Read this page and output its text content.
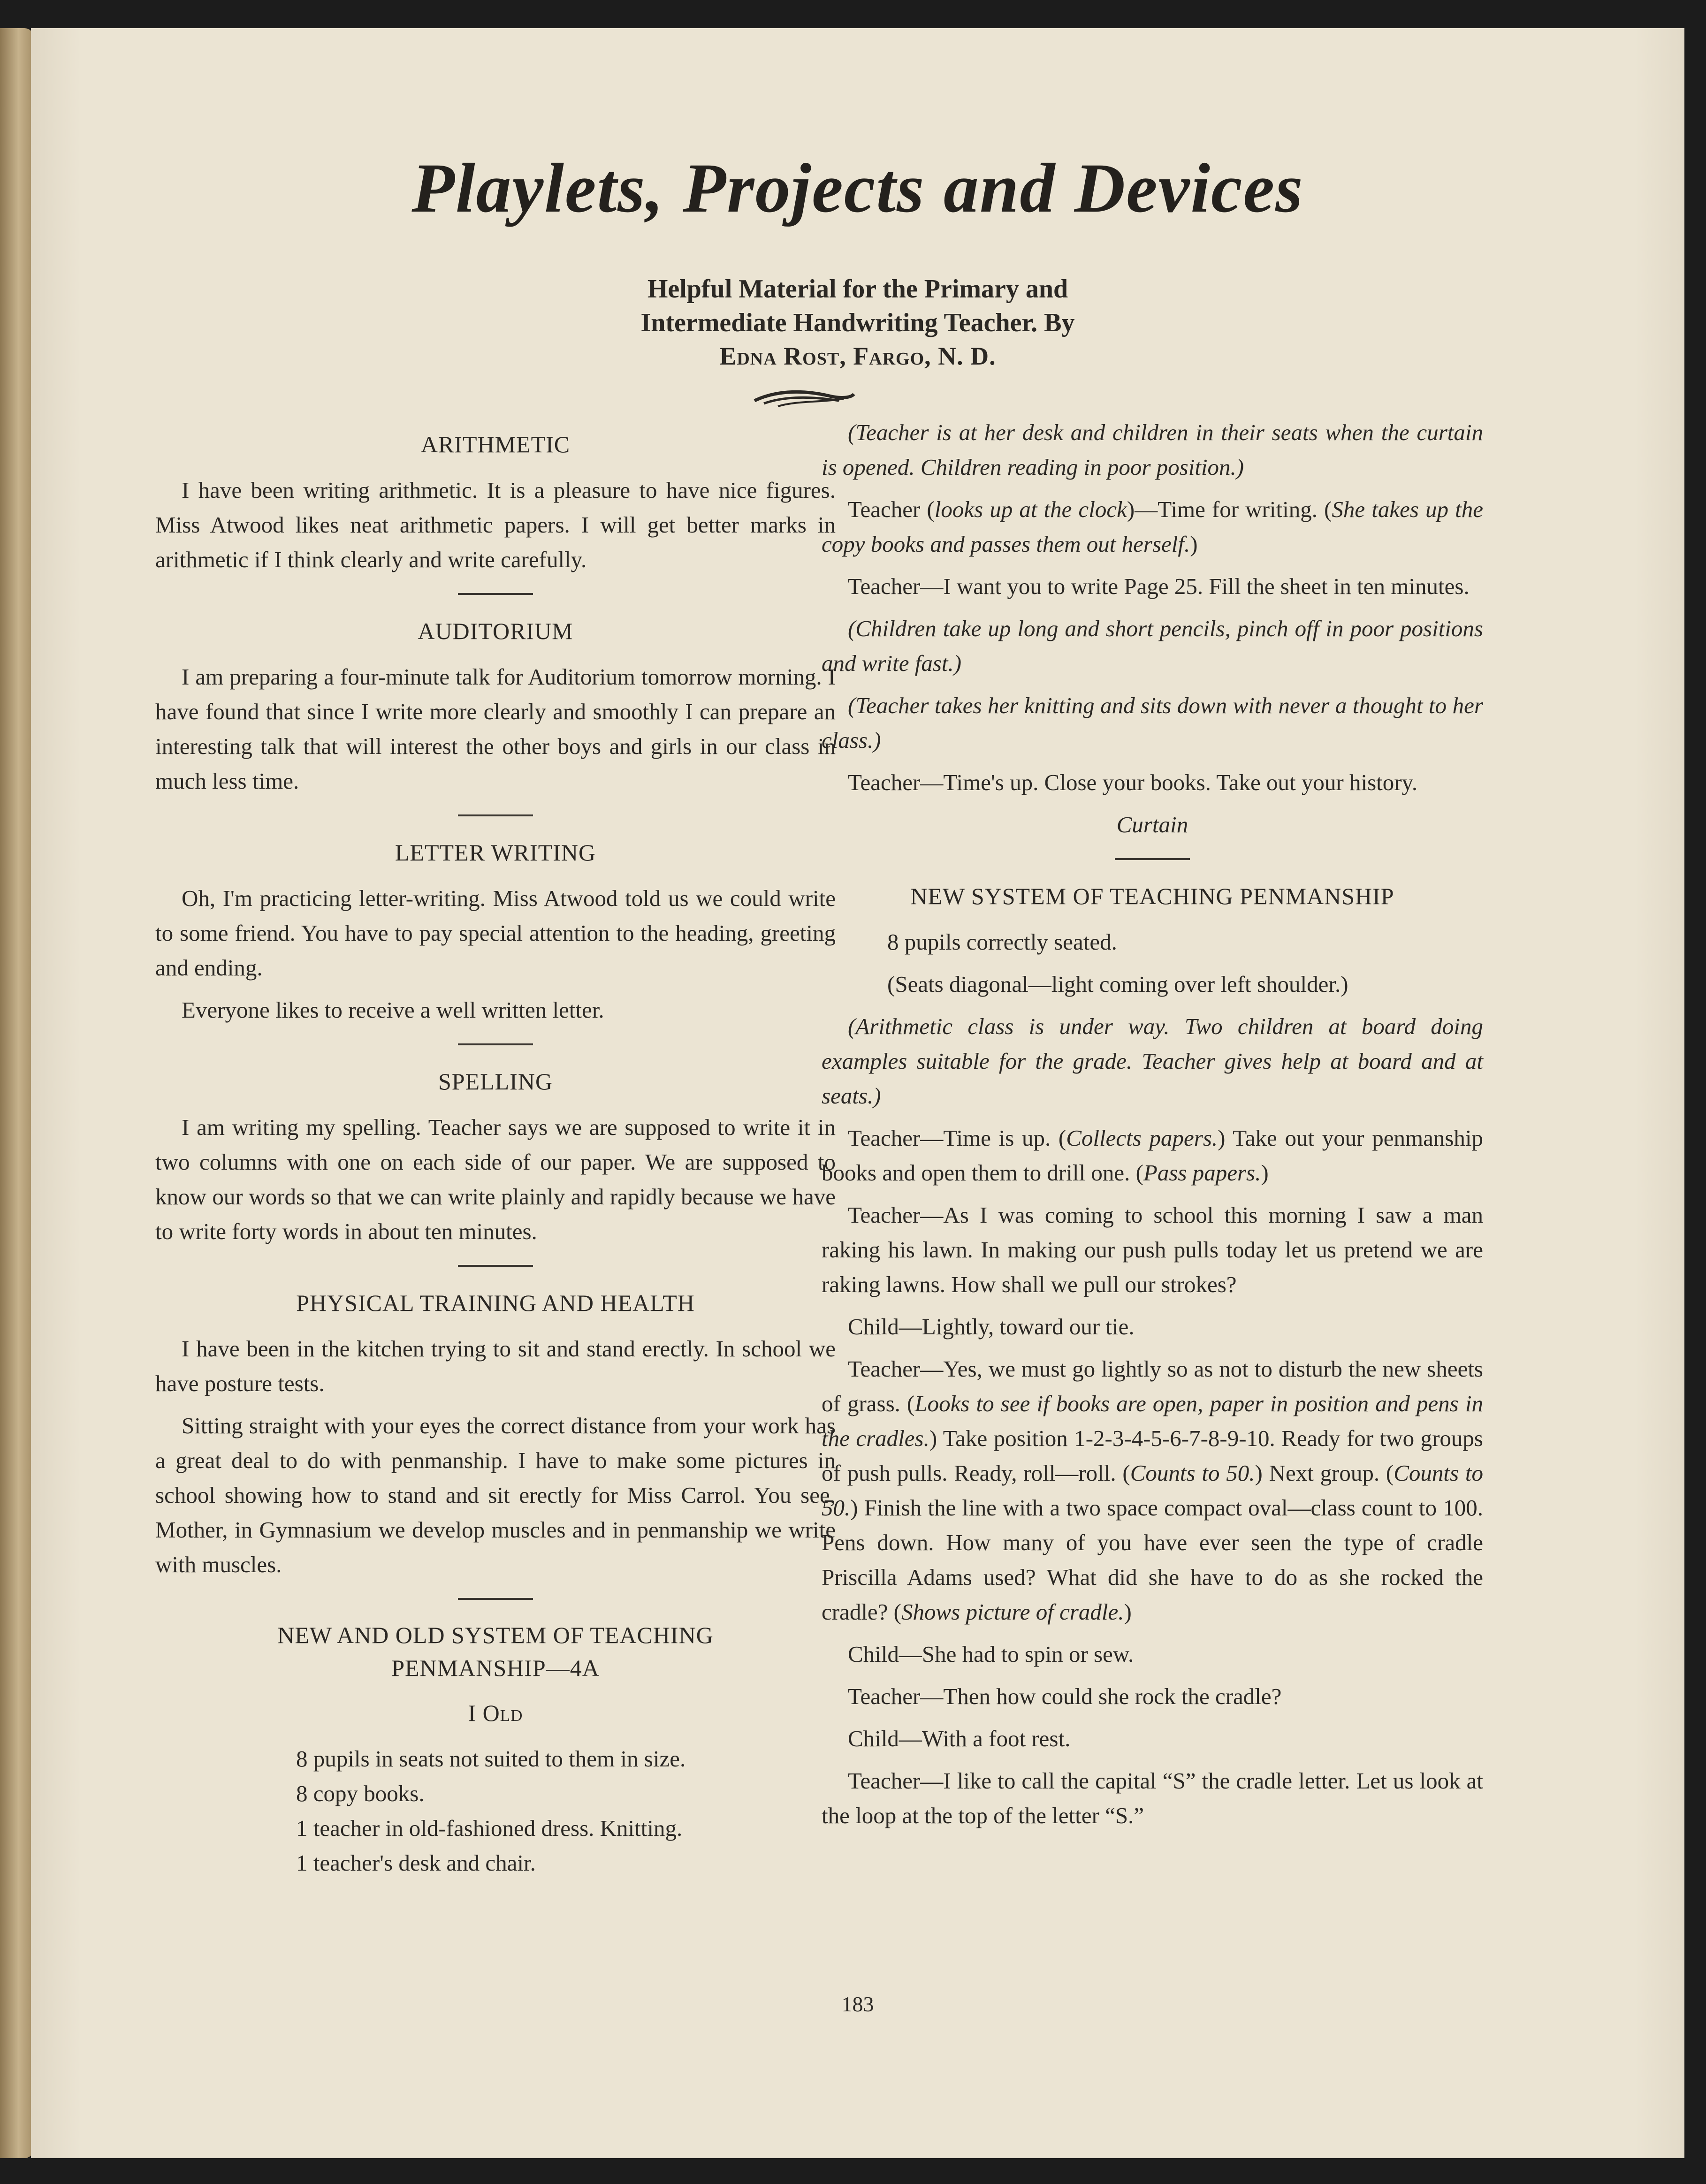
Playlets, Projects and Devices
Helpful Material for the Primary and
Intermediate Handwriting Teacher. By
Edna Rost, Fargo, N. D.
ARITHMETIC

I have been writing arithmetic. It is a pleasure to have nice figures. Miss Atwood likes neat arithmetic papers. I will get better marks in arithmetic if I think clearly and write carefully.

AUDITORIUM

I am preparing a four-minute talk for Auditorium tomorrow morning. I have found that since I write more clearly and smoothly I can prepare an interesting talk that will interest the other boys and girls in our class in much less time.

LETTER WRITING

Oh, I'm practicing letter-writing. Miss Atwood told us we could write to some friend. You have to pay special attention to the heading, greeting and ending.

Everyone likes to receive a well written letter.

SPELLING

I am writing my spelling. Teacher says we are supposed to write it in two columns with one on each side of our paper. We are supposed to know our words so that we can write plainly and rapidly because we have to write forty words in about ten minutes.

PHYSICAL TRAINING AND HEALTH

I have been in the kitchen trying to sit and stand erectly. In school we have posture tests.

Sitting straight with your eyes the correct distance from your work has a great deal to do with penmanship. I have to make some pictures in school showing how to stand and sit erectly for Miss Carrol. You see, Mother, in Gymnasium we develop muscles and in penmanship we write with muscles.

NEW AND OLD SYSTEM OF TEACHING
PENMANSHIP—4A
I Old
8 pupils in seats not suited to them in size.
8 copy books.
1 teacher in old-fashioned dress. Knitting.
1 teacher's desk and chair.

(Teacher is at her desk and children in their seats when the curtain is opened. Children reading in poor position.)

Teacher (looks up at the clock)—Time for writing. (She takes up the copy books and passes them out herself.)

Teacher—I want you to write Page 25. Fill the sheet in ten minutes.

(Children take up long and short pencils, pinch off in poor positions and write fast.)

(Teacher takes her knitting and sits down with never a thought to her class.)

Teacher—Time's up. Close your books. Take out your history.

Curtain
NEW SYSTEM OF TEACHING PENMANSHIP

8 pupils correctly seated.

(Seats diagonal—light coming over left shoulder.)

(Arithmetic class is under way. Two children at board doing examples suitable for the grade. Teacher gives help at board and at seats.)

Teacher—Time is up. (Collects papers.) Take out your penmanship books and open them to drill one. (Pass papers.)

Teacher—As I was coming to school this morning I saw a man raking his lawn. In making our push pulls today let us pretend we are raking lawns. How shall we pull our strokes?

Child—Lightly, toward our tie.

Teacher—Yes, we must go lightly so as not to disturb the new sheets of grass. (Looks to see if books are open, paper in position and pens in the cradles.) Take position 1-2-3-4-5-6-7-8-9-10. Ready for two groups of push pulls. Ready, roll—roll. (Counts to 50.) Next group. (Counts to 50.) Finish the line with a two space compact oval—class count to 100. Pens down. How many of you have ever seen the type of cradle Priscilla Adams used? What did she have to do as she rocked the cradle? (Shows picture of cradle.)

Child—She had to spin or sew.

Teacher—Then how could she rock the cradle?

Child—With a foot rest.

Teacher—I like to call the capital “S” the cradle letter. Let us look at the loop at the top of the letter “S.”

183
